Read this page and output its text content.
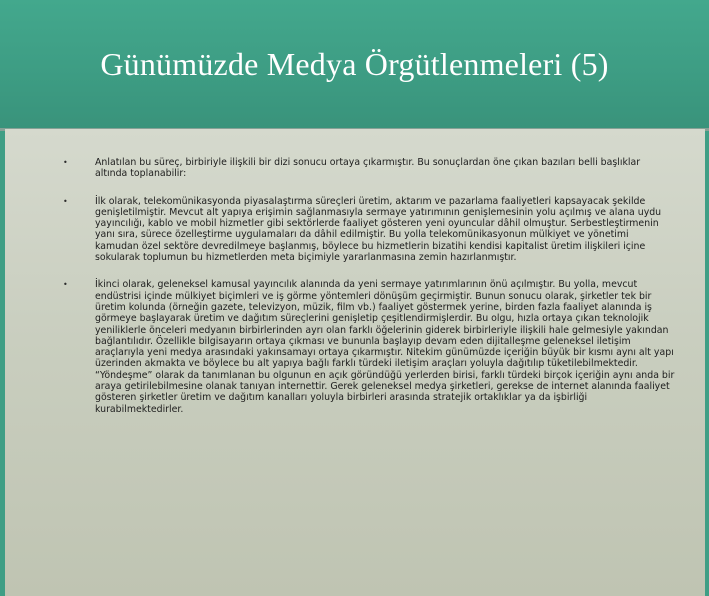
Günümüzde Medya Örgütlenmeleri (5)
•	Anlatılan bu süreç, birbiriyle ilişkili bir dizi sonucu ortaya çıkarmıştır. Bu sonuçlardan öne çıkan bazıları belli başlıklar altında toplanabilir:
•	İlk olarak, telekomünikasyonda piyasalaştırma süreçleri üretim, aktarım ve pazarlama faaliyetleri kapsayacak şekilde genişletilmiştir. Mevcut alt yapıya erişimin sağlanmasıyla sermaye yatırımının genişlemesinin yolu açılmış ve alana uydu yayıncılığı, kablo ve mobil hizmetler gibi sektörlerde faaliyet gösteren yeni oyuncular dâhil olmuştur. Serbestleştirmenin yanı sıra, sürece özelleştirme uygulamaları da dâhil edilmiştir. Bu yolla telekomünikasyonun mülkiyet ve yönetimi kamudan özel sektöre devredilmeye başlanmış, böylece bu hizmetlerin bizatihi kendisi kapitalist üretim ilişkileri içine sokularak toplumun bu hizmetlerden meta biçimiyle yararlanmasına zemin hazırlanmıştır.
•	İkinci olarak, geleneksel kamusal yayıncılık alanında da yeni sermaye yatırımlarının önü açılmıştır. Bu yolla, mevcut endüstrisi içinde mülkiyet biçimleri ve iş görme yöntemleri dönüşüm geçirmiştir. Bunun sonucu olarak, şirketler tek bir üretim kolunda (örneğin gazete, televizyon, müzik, film vb.) faaliyet göstermek yerine, birden fazla faaliyet alanında iş görmeye başlayarak üretim ve dağıtım süreçlerini genişletip çeşitlendirmişlerdir. Bu olgu, hızla ortaya çıkan teknolojik yeniliklerle önceleri medyanın birbirlerinden ayrı olan farklı öğelerinin giderek birbirleriyle ilişkili hale gelmesiyle yakından bağlantılıdır. Özellikle bilgisayarın ortaya çıkması ve bununla başlayıp devam eden dijitalleşme geleneksel iletişim araçlarıyla yeni medya arasındaki yakınsamayı ortaya çıkarmıştır. Nitekim günümüzde içeriğin büyük bir kısmı aynı alt yapı üzerinden akmakta ve böylece bu alt yapıya bağlı farklı türdeki iletişim araçları yoluyla dağıtılıp tüketilebilmektedir. “Yöndeşme” olarak da tanımlanan bu olgunun en açık göründüğü yerlerden birisi, farklı türdeki birçok içeriğin aynı anda bir araya getirilebilmesine olanak tanıyan internettir. Gerek geleneksel medya şirketleri, gerekse de internet alanında faaliyet gösteren şirketler üretim ve dağıtım kanalları yoluyla birbirleri arasında stratejik ortaklıklar ya da işbirliği kurabilmektedirler.
